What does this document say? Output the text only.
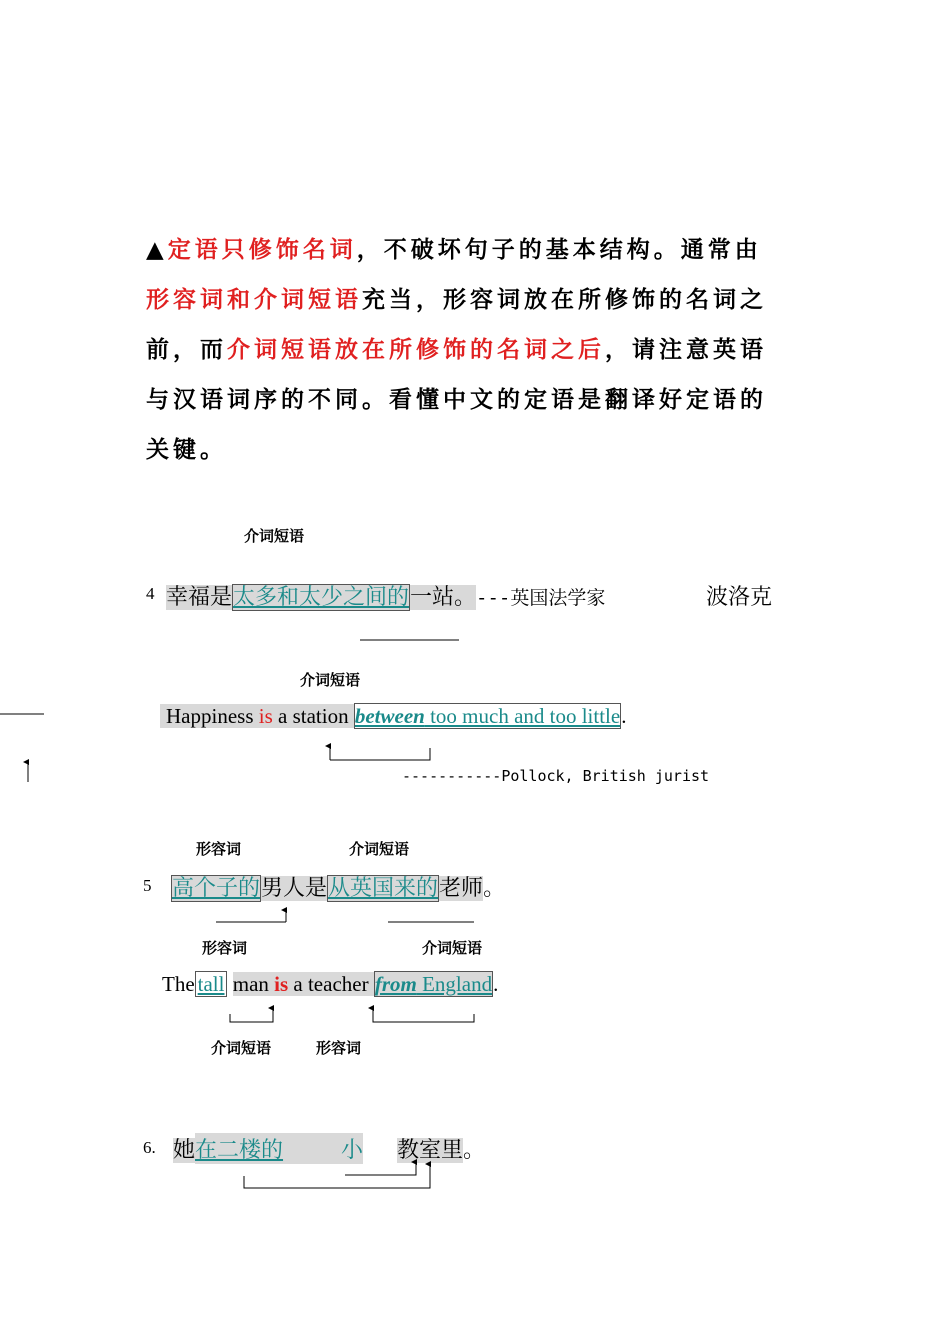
▲定语只修饰名词，不破坏句子的基本结构。通常由形容词和介词短语充当，形容词放在所修饰的名词之前，而介词短语放在所修饰的名词之后，请注意英语与汉语词序的不同。看懂中文的定语是翻译好定语的关键。
介词短语
4 幸福是太多和太少之间的一站。---英国法学家	波洛克
介词短语
Happiness is a station between too much and too little.
-----------Pollock, British jurist
形容词	介词短语
5 高个子的男人是从英国来的老师。
形容词	介词短语
The tall man is a teacher from England.
介词短语	形容词
6. 她在二楼的	小 教室里。
